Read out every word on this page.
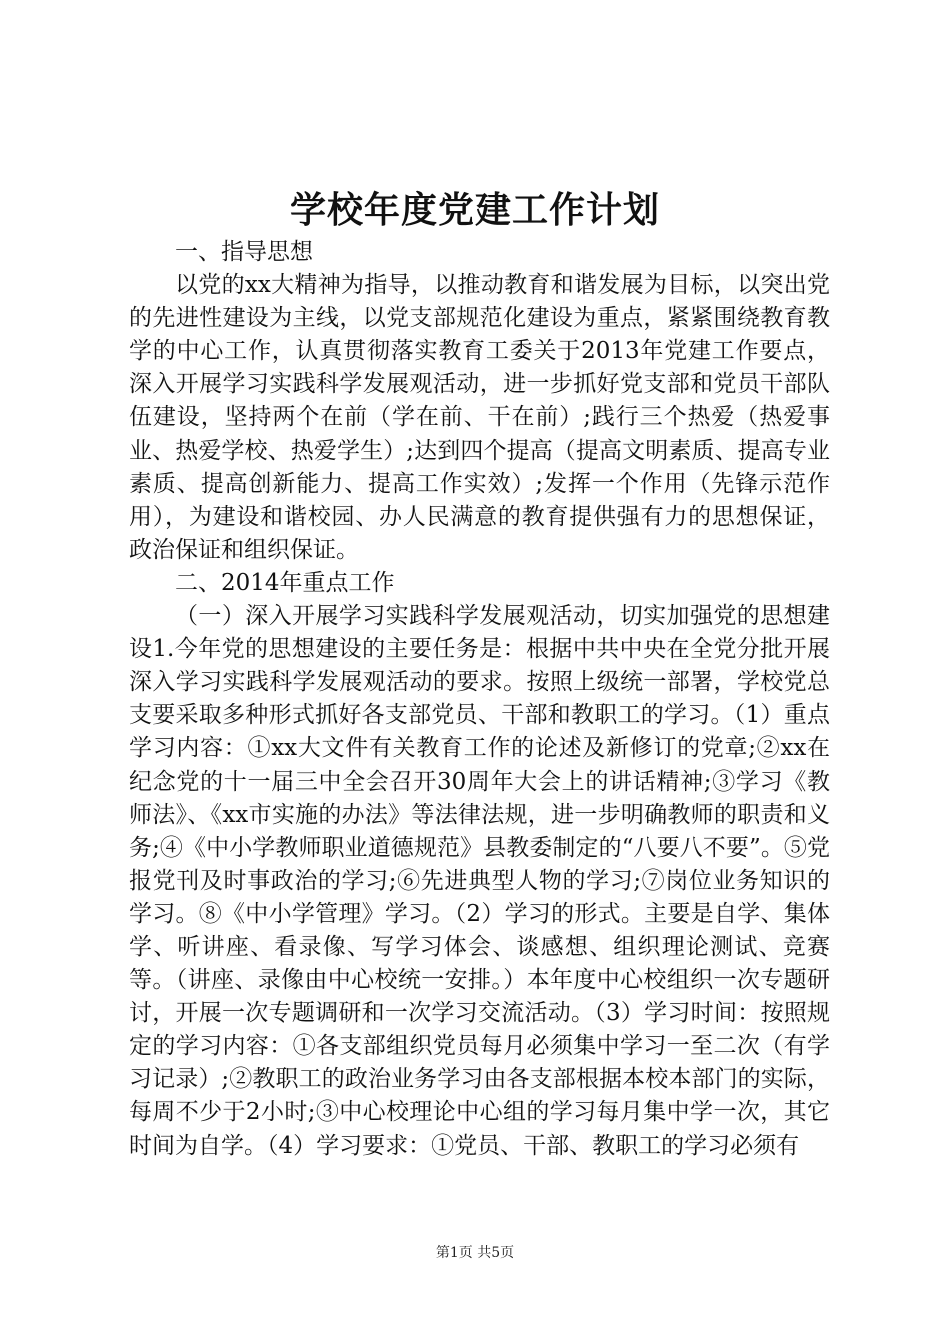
学校年度党建工作计划

一、指导思想

以党的xx大精神为指导，以推动教育和谐发展为目标，以突出党的先进性建设为主线，以党支部规范化建设为重点，紧紧围绕教育教学的中心工作，认真贯彻落实教育工委关于2013年党建工作要点，深入开展学习实践科学发展观活动，进一步抓好党支部和党员干部队伍建设，坚持两个在前（学在前、干在前）;践行三个热爱（热爱事业、热爱学校、热爱学生）;达到四个提高（提高文明素质、提高专业素质、提高创新能力、提高工作实效）;发挥一个作用（先锋示范作用），为建设和谐校园、办人民满意的教育提供强有力的思想保证，政治保证和组织保证。

二、2014年重点工作

（一）深入开展学习实践科学发展观活动，切实加强党的思想建设1.今年党的思想建设的主要任务是：根据中共中央在全党分批开展深入学习实践科学发展观活动的要求。按照上级统一部署，学校党总支要采取多种形式抓好各支部党员、干部和教职工的学习。（1）重点学习内容：①xx大文件有关教育工作的论述及新修订的党章;②xx在纪念党的十一届三中全会召开30周年大会上的讲话精神;③学习《教师法》、《xx市实施的办法》等法律法规，进一步明确教师的职责和义务;④《中小学教师职业道德规范》县教委制定的“八要八不要”。⑤党报党刊及时事政治的学习;⑥先进典型人物的学习;⑦岗位业务知识的学习。⑧《中小学管理》学习。（2）学习的形式。主要是自学、集体学、听讲座、看录像、写学习体会、谈感想、组织理论测试、竞赛等。（讲座、录像由中心校统一安排。）本年度中心校组织一次专题研讨，开展一次专题调研和一次学习交流活动。（3）学习时间：按照规定的学习内容：①各支部组织党员每月必须集中学习一至二次（有学习记录）;②教职工的政治业务学习由各支部根据本校本部门的实际，每周不少于2小时;③中心校理论中心组的学习每月集中学一次，其它时间为自学。（4）学习要求：①党员、干部、教职工的学习必须有

第1页 共5页
